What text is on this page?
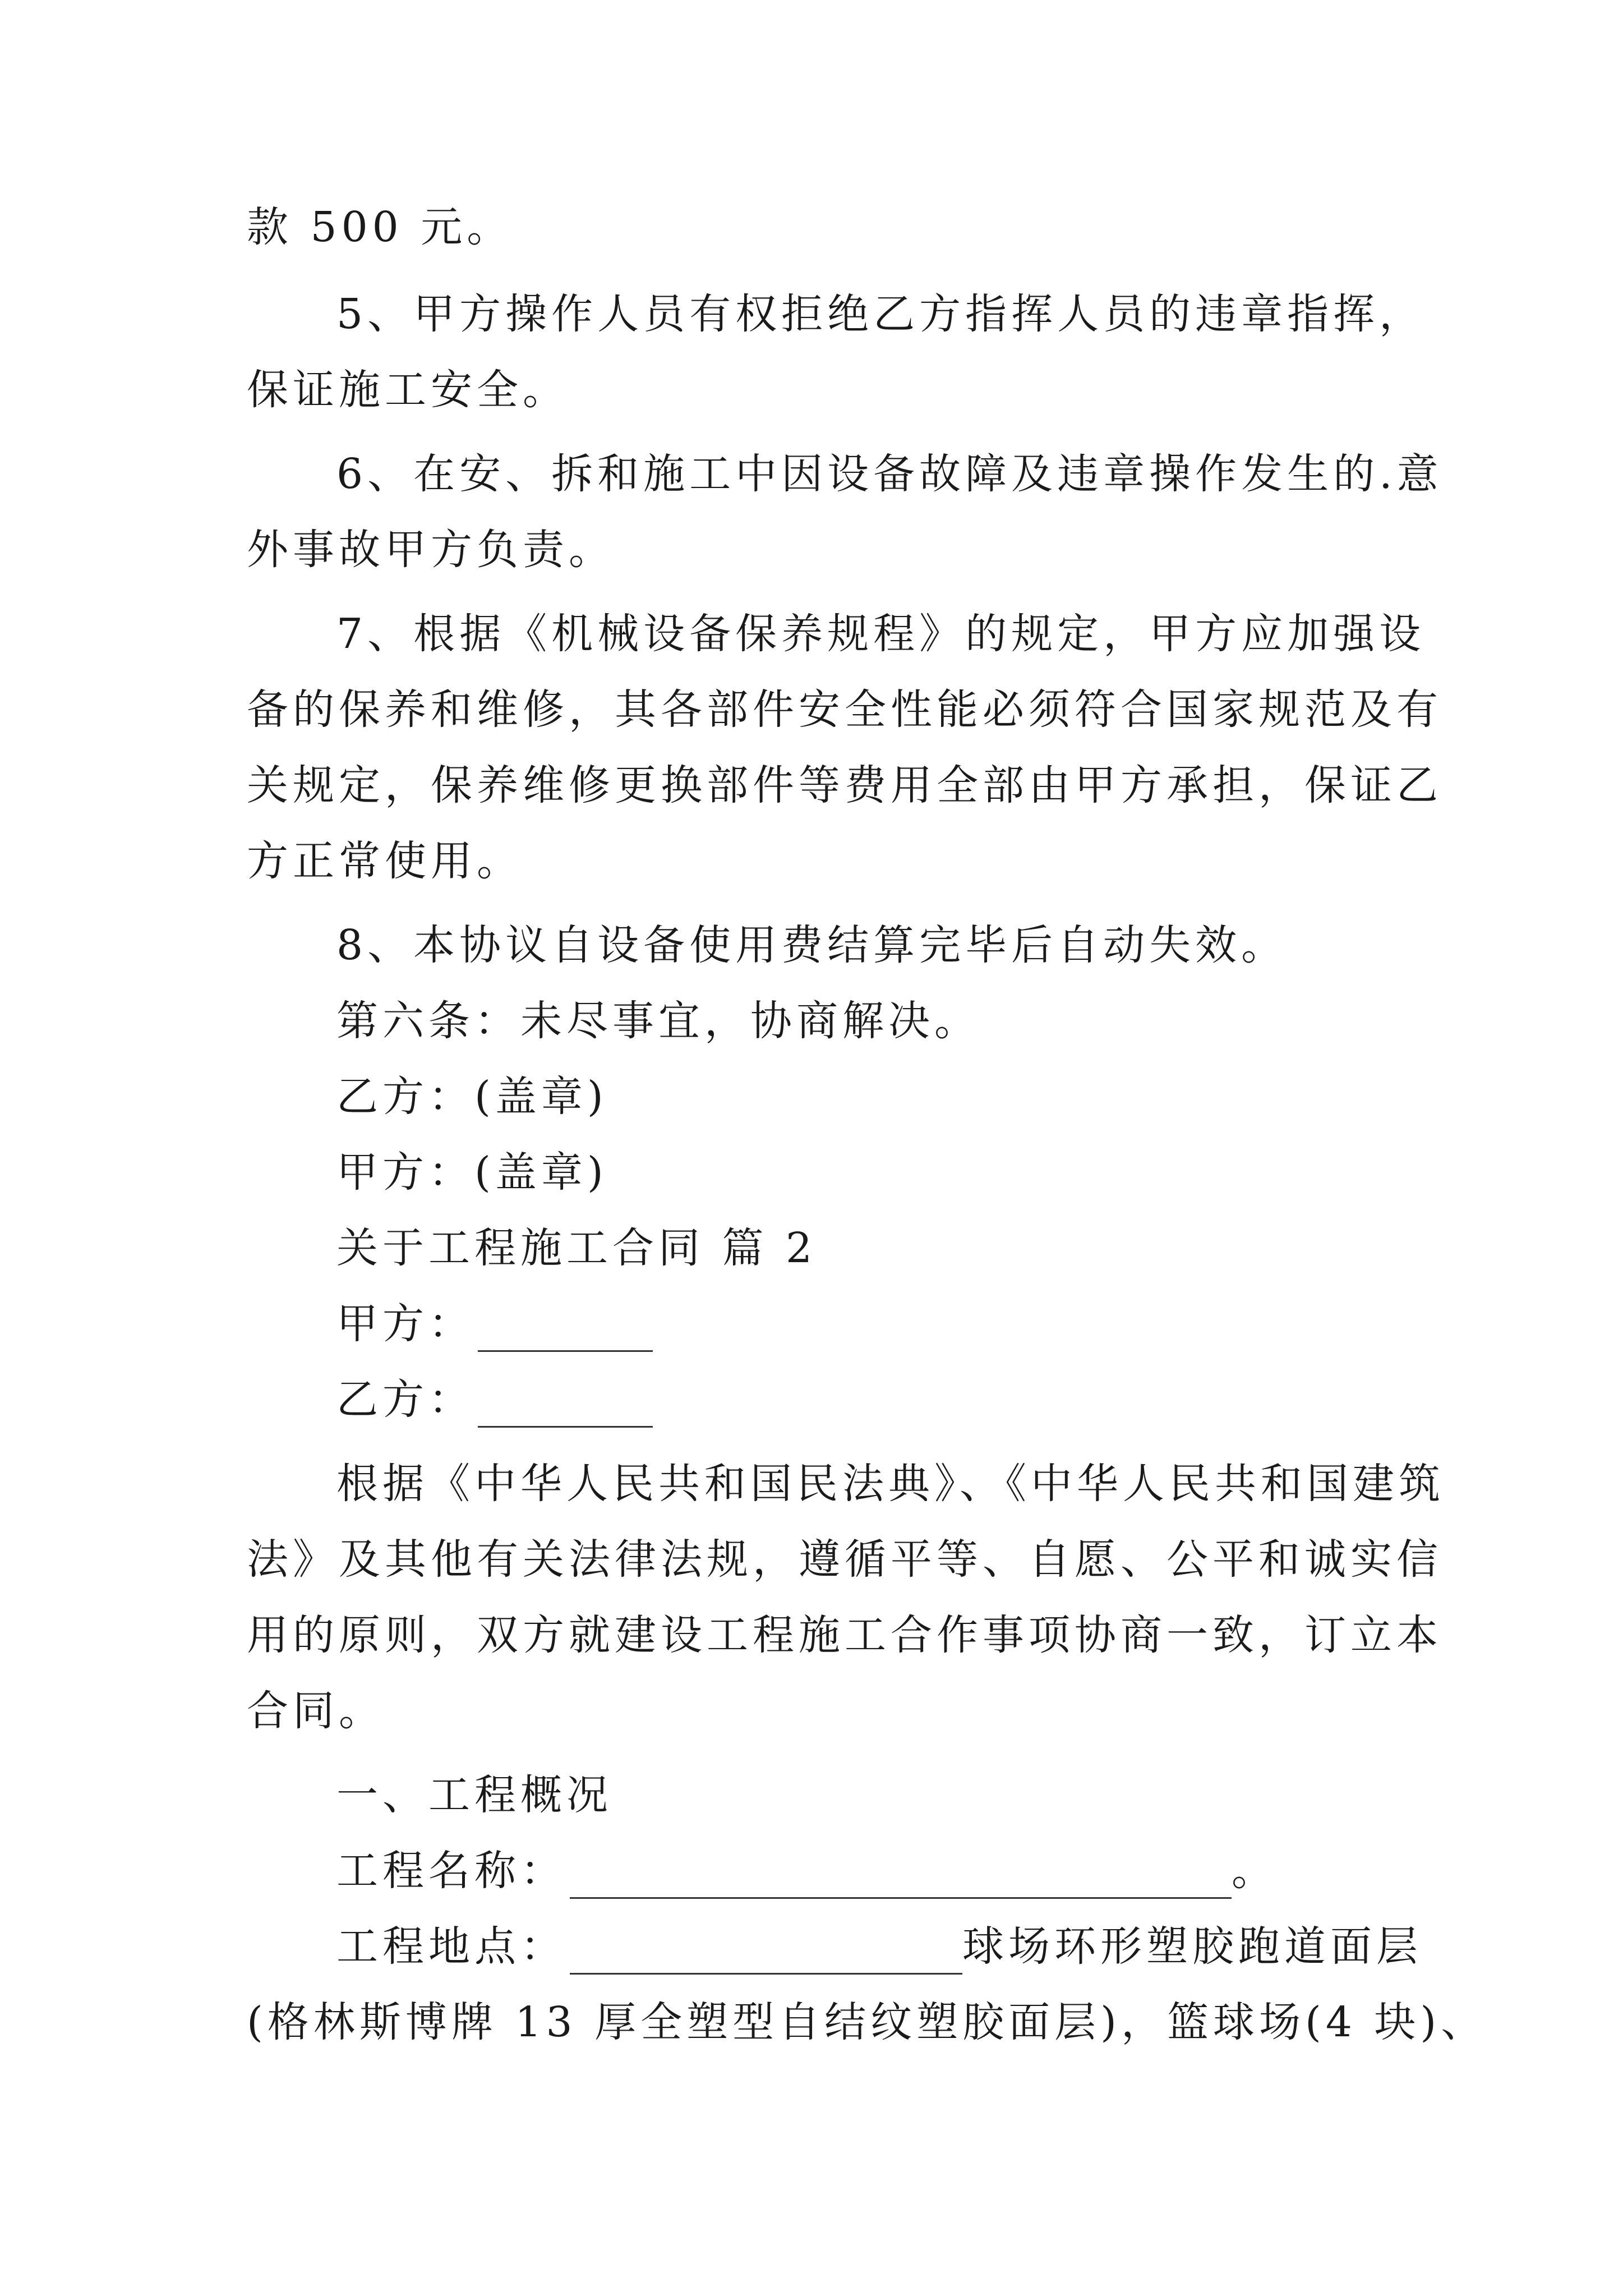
款 500 元。
5、甲方操作人员有权拒绝乙方指挥人员的违章指挥，
保证施工安全。
6、在安、拆和施工中因设备故障及违章操作发生的.意
外事故甲方负责。
7、根据《机械设备保养规程》的规定，甲方应加强设
备的保养和维修，其各部件安全性能必须符合国家规范及有
关规定，保养维修更换部件等费用全部由甲方承担，保证乙
方正常使用。
8、本协议自设备使用费结算完毕后自动失效。
第六条：未尽事宜，协商解决。
乙方：(盖章)
甲方：(盖章)
关于工程施工合同 篇 2
甲方：
乙方：
根据《中华人民共和国民法典》、《中华人民共和国建筑
法》及其他有关法律法规，遵循平等、自愿、公平和诚实信
用的原则，双方就建设工程施工合作事项协商一致，订立本
合同。
一、工程概况
工程名称：	。
工程地点：	球场环形塑胶跑道面层
(格林斯博牌 13 厚全塑型自结纹塑胶面层)，篮球场(4 块)、
